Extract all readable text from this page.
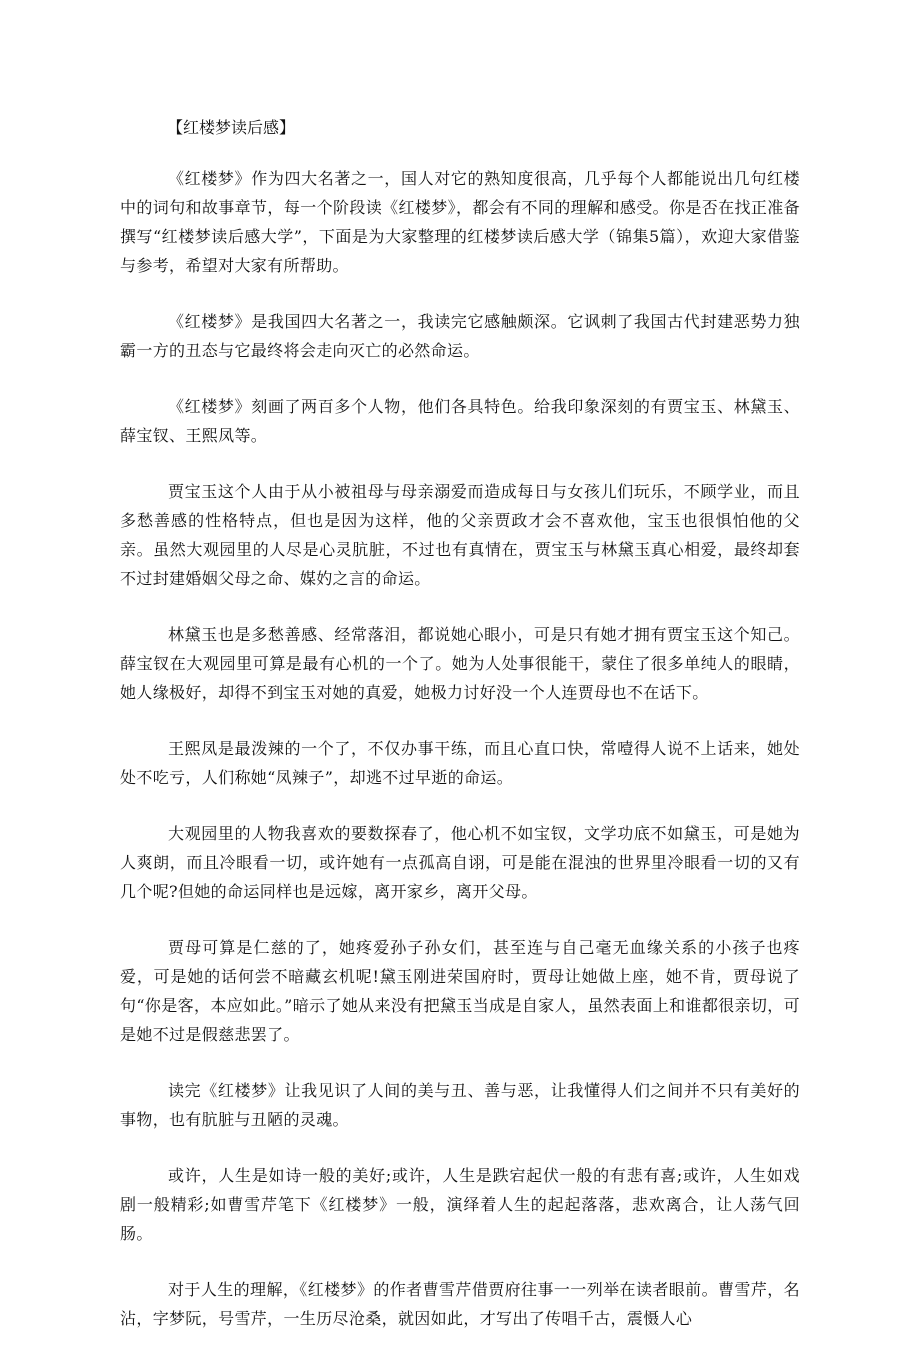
【红楼梦读后感】

《红楼梦》作为四大名著之一，国人对它的熟知度很高，几乎每个人都能说出几句红楼中的词句和故事章节，每一个阶段读《红楼梦》，都会有不同的理解和感受。你是否在找正准备撰写“红楼梦读后感大学”，下面是为大家整理的红楼梦读后感大学（锦集5篇），欢迎大家借鉴与参考，希望对大家有所帮助。

《红楼梦》是我国四大名著之一，我读完它感触颇深。它讽刺了我国古代封建恶势力独霸一方的丑态与它最终将会走向灭亡的必然命运。

《红楼梦》刻画了两百多个人物，他们各具特色。给我印象深刻的有贾宝玉、林黛玉、薛宝钗、王熙凤等。

贾宝玉这个人由于从小被祖母与母亲溺爱而造成每日与女孩儿们玩乐，不顾学业，而且多愁善感的性格特点，但也是因为这样，他的父亲贾政才会不喜欢他，宝玉也很惧怕他的父亲。虽然大观园里的人尽是心灵肮脏，不过也有真情在，贾宝玉与林黛玉真心相爱，最终却套不过封建婚姻父母之命、媒妁之言的命运。

林黛玉也是多愁善感、经常落泪，都说她心眼小，可是只有她才拥有贾宝玉这个知己。薛宝钗在大观园里可算是最有心机的一个了。她为人处事很能干，蒙住了很多单纯人的眼睛，她人缘极好，却得不到宝玉对她的真爱，她极力讨好没一个人连贾母也不在话下。

王熙凤是最泼辣的一个了，不仅办事干练，而且心直口快，常噎得人说不上话来，她处处不吃亏，人们称她“凤辣子”，却逃不过早逝的命运。

大观园里的人物我喜欢的要数探春了，他心机不如宝钗，文学功底不如黛玉，可是她为人爽朗，而且冷眼看一切，或许她有一点孤高自诩，可是能在混浊的世界里冷眼看一切的又有几个呢?但她的命运同样也是远嫁，离开家乡，离开父母。

贾母可算是仁慈的了，她疼爱孙子孙女们，甚至连与自己毫无血缘关系的小孩子也疼爱，可是她的话何尝不暗藏玄机呢!黛玉刚进荣国府时，贾母让她做上座，她不肯，贾母说了句“你是客，本应如此。”暗示了她从来没有把黛玉当成是自家人，虽然表面上和谁都很亲切，可是她不过是假慈悲罢了。

读完《红楼梦》让我见识了人间的美与丑、善与恶，让我懂得人们之间并不只有美好的事物，也有肮脏与丑陋的灵魂。

或许，人生是如诗一般的美好;或许，人生是跌宕起伏一般的有悲有喜;或许，人生如戏剧一般精彩;如曹雪芹笔下《红楼梦》一般，演绎着人生的起起落落，悲欢离合，让人荡气回肠。

对于人生的理解，《红楼梦》的作者曹雪芹借贾府往事一一列举在读者眼前。曹雪芹，名沾，字梦阮，号雪芹，一生历尽沧桑，就因如此，才写出了传唱千古，震慑人心
